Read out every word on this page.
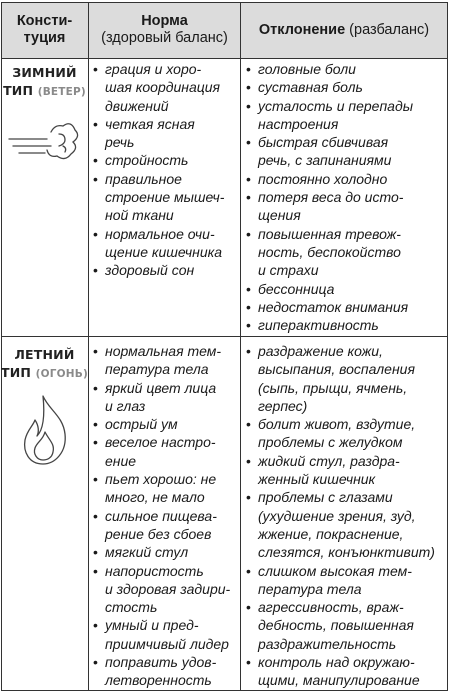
Консти-
туция
Норма
(здоровый баланс)
Отклонение (разбаланс)
ЗИМНИЙ
ТИП (ВЕТЕР)
• грация и хоро-
шая координация
движений
• четкая ясная
речь
• стройность
• правильное
строение мышеч-
ной ткани
• нормальное очи-
щение кишечника
• здоровый сон
• головные боли
• суставная боль
• усталость и перепады
настроения
• быстрая сбивчивая
речь, с запинаниями
• постоянно холодно
• потеря веса до исто-
щения
• повышенная тревож-
ность, беспокойство
и страхи
• бессонница
• недостаток внимания
• гиперактивность
ЛЕТНИЙ
ТИП (ОГОНЬ)
• нормальная тем-
пература тела
• яркий цвет лица
и глаз
• острый ум
• веселое настро-
ение
• пьет хорошо: не
много, не мало
• сильное пищева-
рение без сбоев
• мягкий стул
• напористость
и здоровая задири-
стость
• умный и пред-
приимчивый лидер
• поправить удов-
летворенность
• раздражение кожи,
высыпания, воспаления
(сыпь, прыщи, ячмень,
герпес)
• болит живот, вздутие,
проблемы с желудком
• жидкий стул, раздра-
женный кишечник
• проблемы с глазами
(ухудшение зрения, зуд,
жжение, покраснение,
слезятся, конъюнктивит)
• слишком высокая тем-
пература тела
• агрессивность, враж-
дебность, повышенная
раздражительность
• контроль над окружаю-
щими, манипулирование
